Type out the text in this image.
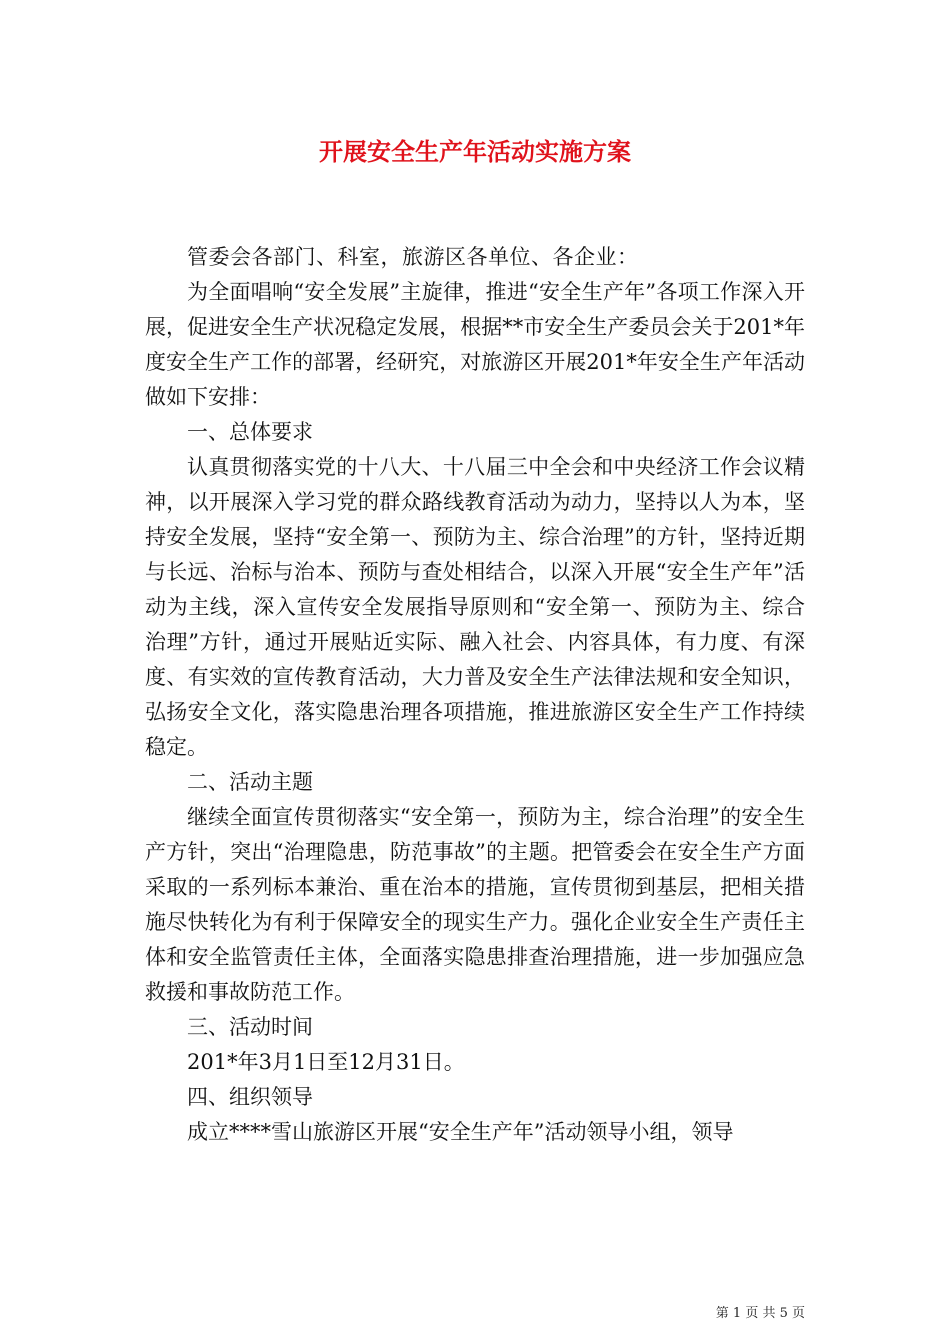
开展安全生产年活动实施方案

管委会各部门、科室，旅游区各单位、各企业：

为全面唱响“安全发展”主旋律，推进“安全生产年”各项工作深入开展，促进安全生产状况稳定发展，根据**市安全生产委员会关于201*年度安全生产工作的部署，经研究，对旅游区开展201*年安全生产年活动做如下安排：

一、总体要求

认真贯彻落实党的十八大、十八届三中全会和中央经济工作会议精神，以开展深入学习党的群众路线教育活动为动力，坚持以人为本，坚持安全发展，坚持“安全第一、预防为主、综合治理”的方针，坚持近期与长远、治标与治本、预防与查处相结合，以深入开展“安全生产年”活动为主线，深入宣传安全发展指导原则和“安全第一、预防为主、综合治理”方针，通过开展贴近实际、融入社会、内容具体，有力度、有深度、有实效的宣传教育活动，大力普及安全生产法律法规和安全知识，弘扬安全文化，落实隐患治理各项措施，推进旅游区安全生产工作持续稳定。

二、活动主题

继续全面宣传贯彻落实“安全第一，预防为主，综合治理”的安全生产方针，突出“治理隐患，防范事故”的主题。把管委会在安全生产方面采取的一系列标本兼治、重在治本的措施，宣传贯彻到基层，把相关措施尽快转化为有利于保障安全的现实生产力。强化企业安全生产责任主体和安全监管责任主体，全面落实隐患排查治理措施，进一步加强应急救援和事故防范工作。

三、活动时间

201*年3月1日至12月31日。

四、组织领导

成立****雪山旅游区开展“安全生产年”活动领导小组，领导

第 1 页 共 5 页
